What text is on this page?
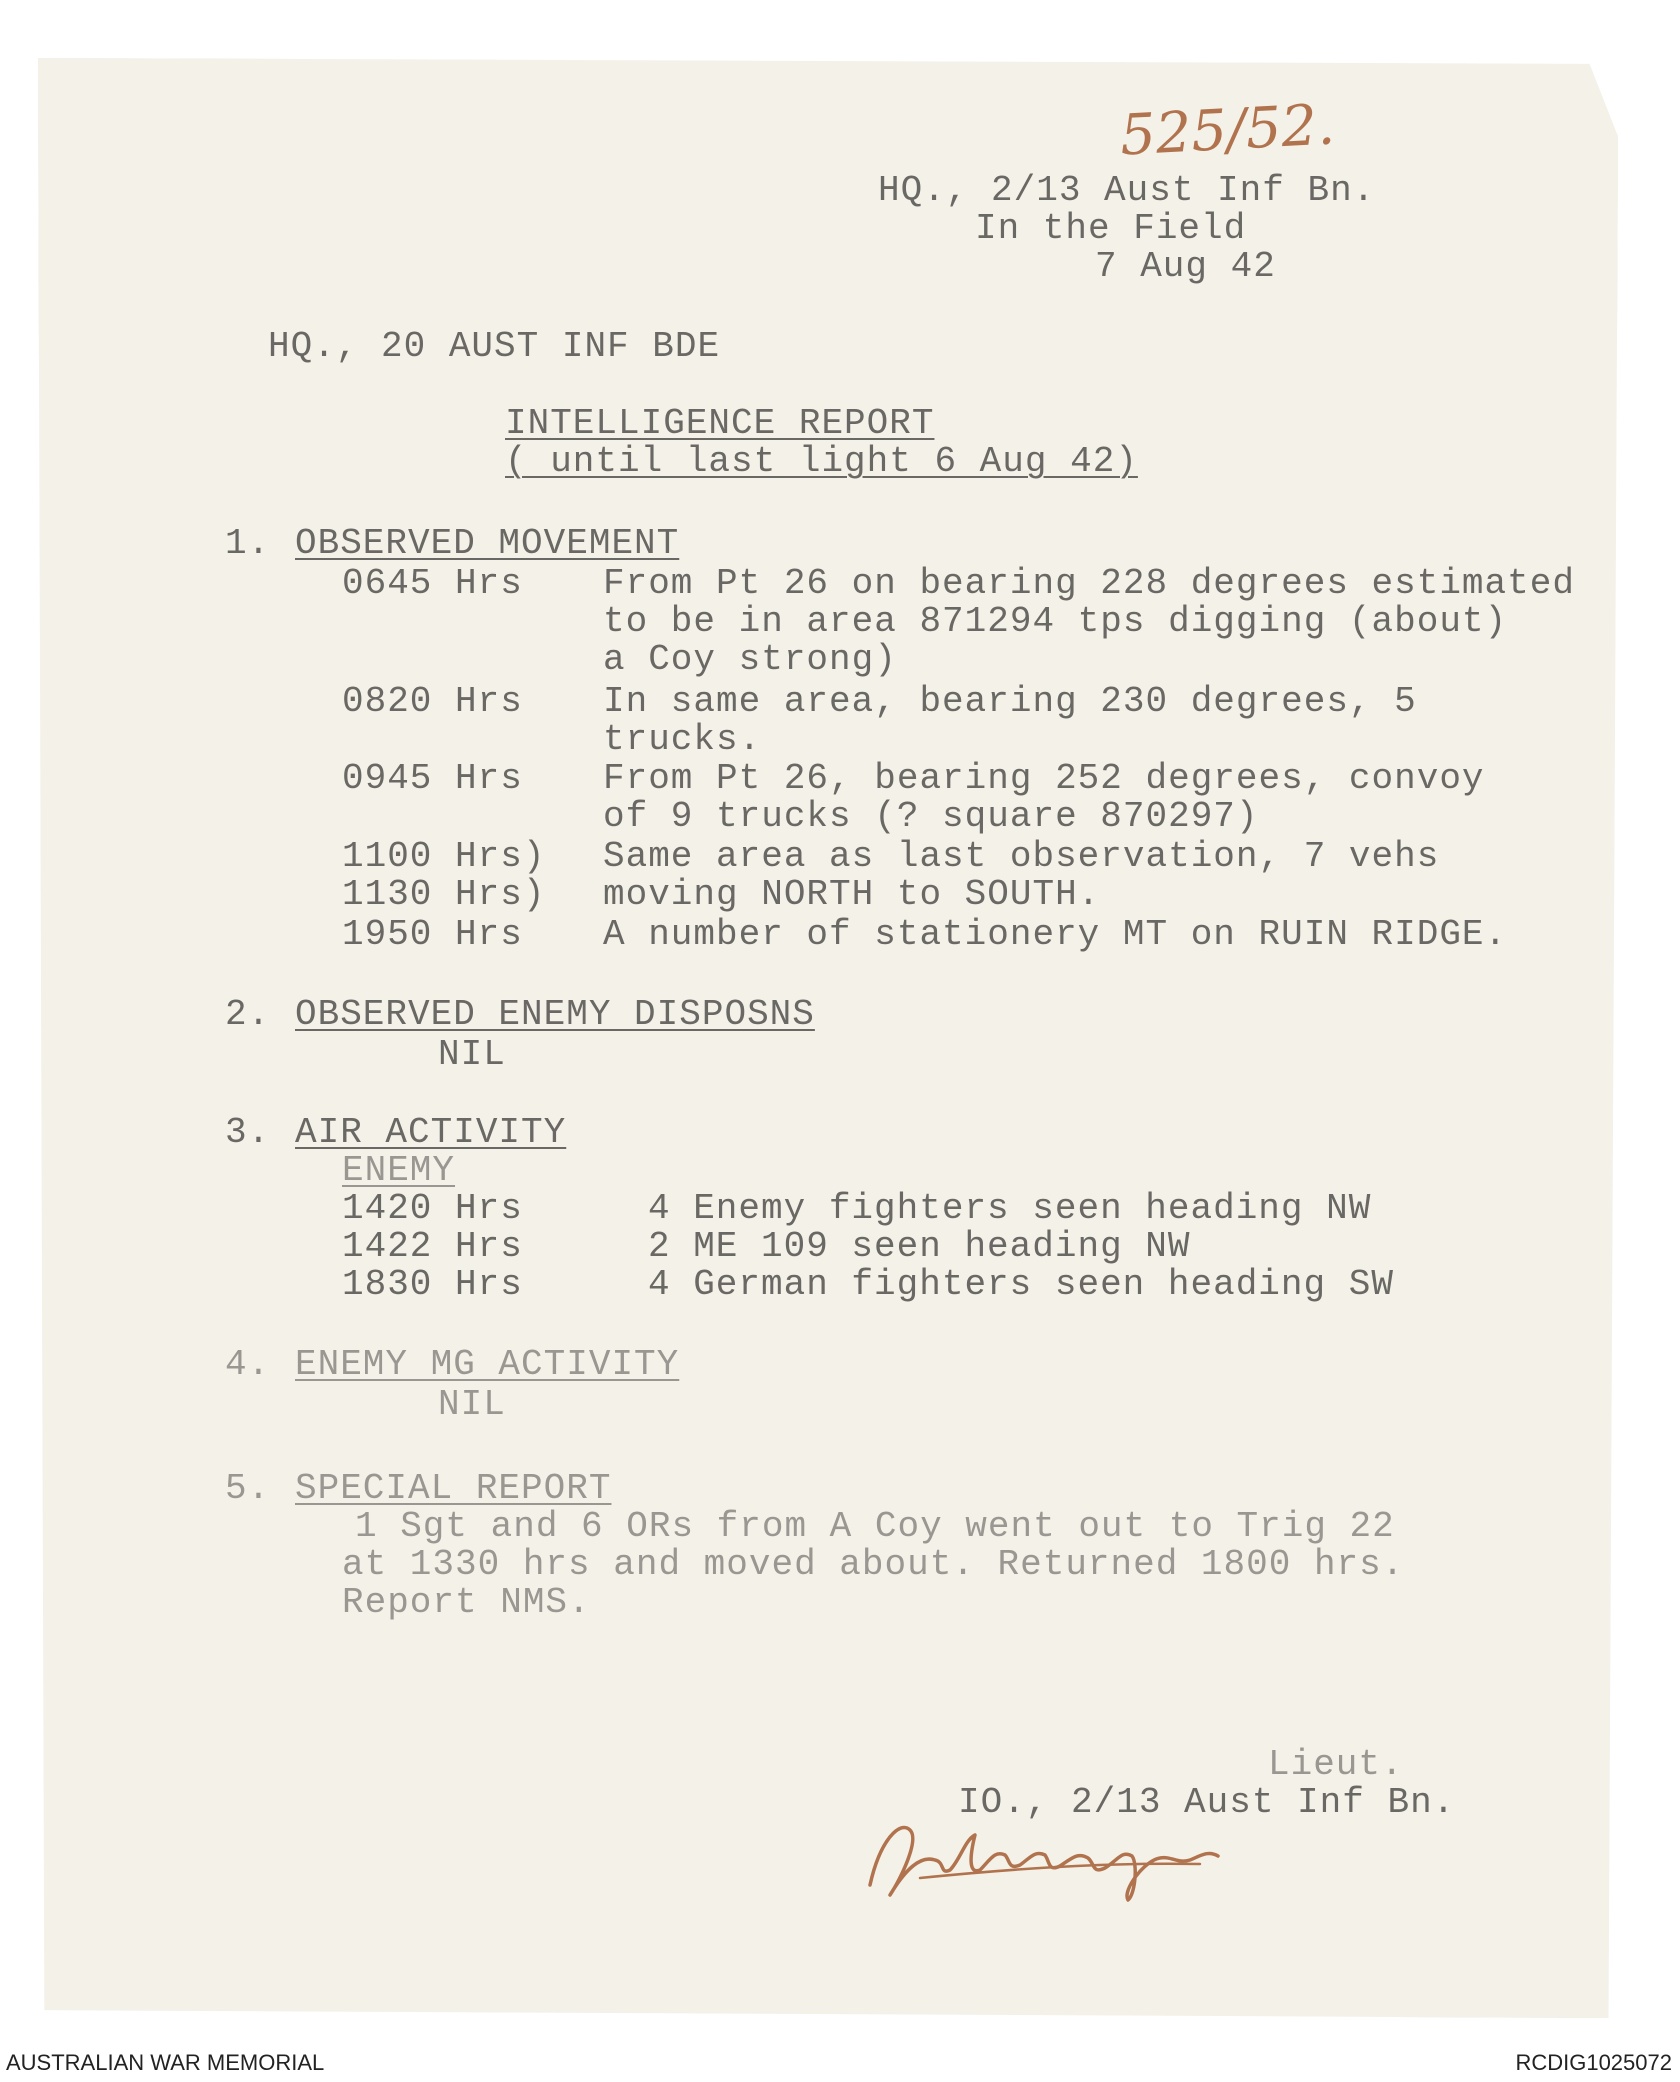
525/52.
HQ., 2/13 Aust Inf Bn.
In the Field
7 Aug 42
HQ., 20 AUST INF BDE
INTELLIGENCE REPORT
( until last light 6 Aug 42)
1. OBSERVED MOVEMENT
0645 Hrs From Pt 26 on bearing 228 degrees estimated
to be in area 871294 tps digging (about)
a Coy strong)
0820 Hrs In same area, bearing 230 degrees, 5
trucks.
0945 Hrs From Pt 26, bearing 252 degrees, convoy
of 9 trucks (? square 870297)
1100 Hrs) Same area as last observation, 7 vehs
1130 Hrs) moving NORTH to SOUTH.
1950 Hrs A number of stationery MT on RUIN RIDGE.
2. OBSERVED ENEMY DISPOSNS
NIL
3. AIR ACTIVITY
ENEMY
1420 Hrs	4 Enemy fighters seen heading NW
1422 Hrs	2 ME 109 seen heading NW
1830 Hrs	4 German fighters seen heading SW
4. ENEMY MG ACTIVITY
NIL
5. SPECIAL REPORT
1 Sgt and 6 ORs from A Coy went out to Trig 22
at 1330 hrs and moved about. Returned 1800 hrs.
Report NMS.
Lieut.
IO., 2/13 Aust Inf Bn.
AUSTRALIAN WAR MEMORIAL	RCDIG1025072
